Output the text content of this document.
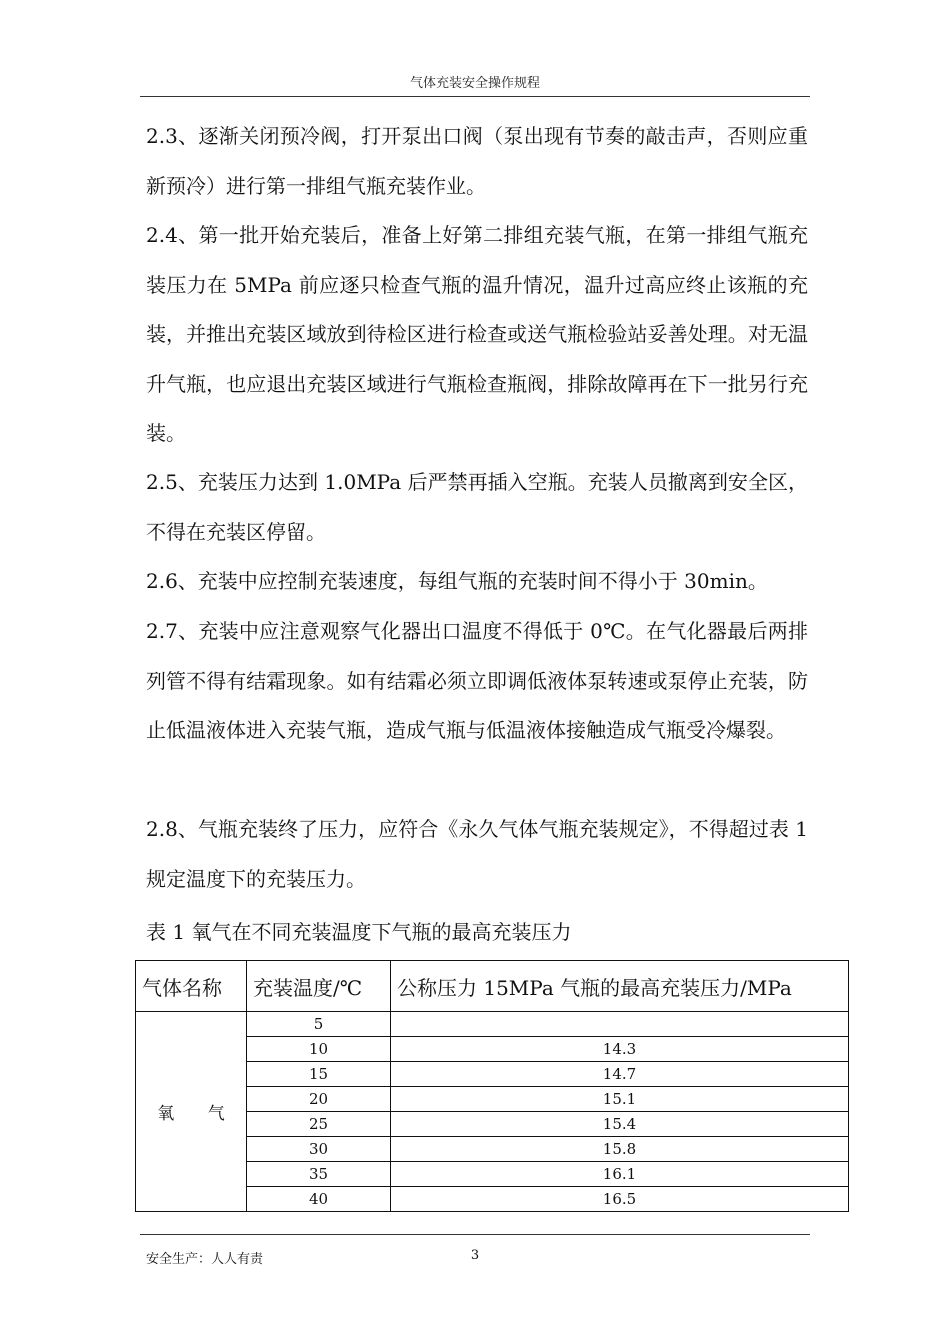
气体充装安全操作规程

2.3、逐渐关闭预冷阀，打开泵出口阀（泵出现有节奏的敲击声，否则应重新预冷）进行第一排组气瓶充装作业。

2.4、第一批开始充装后，准备上好第二排组充装气瓶，在第一排组气瓶充装压力在 5MPa 前应逐只检查气瓶的温升情况，温升过高应终止该瓶的充装，并推出充装区域放到待检区进行检查或送气瓶检验站妥善处理。对无温升气瓶，也应退出充装区域进行气瓶检查瓶阀，排除故障再在下一批另行充装。

2.5、充装压力达到 1.0MPa 后严禁再插入空瓶。充装人员撤离到安全区，不得在充装区停留。

2.6、充装中应控制充装速度，每组气瓶的充装时间不得小于 30min。

2.7、充装中应注意观察气化器出口温度不得低于 0℃。在气化器最后两排列管不得有结霜现象。如有结霜必须立即调低液体泵转速或泵停止充装，防止低温液体进入充装气瓶，造成气瓶与低温液体接触造成气瓶受冷爆裂。

2.8、气瓶充装终了压力，应符合《永久气体气瓶充装规定》，不得超过表 1 规定温度下的充装压力。

表 1 氧气在不同充装温度下气瓶的最高充装压力
气体名称	充装温度/℃	公称压力 15MPa 气瓶的最高充装压力/MPa
氧 气	5	
	10	14.3
	15	14.7
	20	15.1
	25	15.4
	30	15.8
	35	16.1
	40	16.5
安全生产：人人有责	3
